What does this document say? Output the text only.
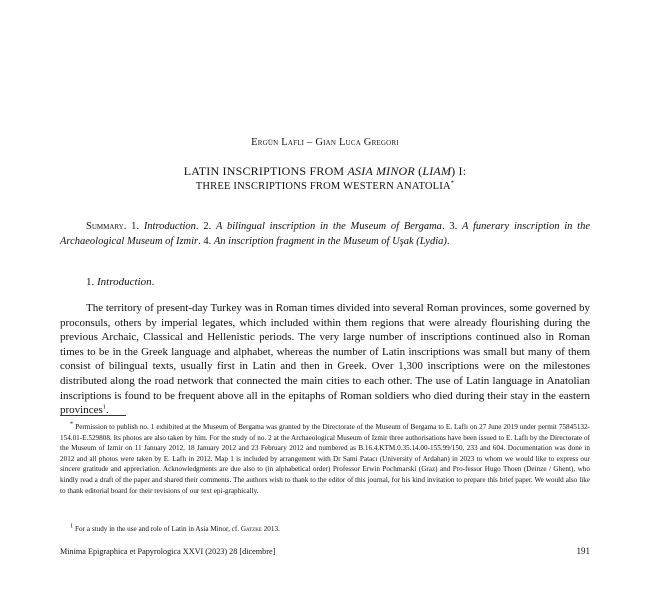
Ergün Laflı – Gian Luca Gregori
LATIN INSCRIPTIONS FROM ASIA MINOR (LIAM) I:
THREE INSCRIPTIONS FROM WESTERN ANATOLIA*
Summary. 1. Introduction. 2. A bilingual inscription in the Museum of Bergama. 3. A funerary inscription in the Archaeological Museum of Izmir. 4. An inscription fragment in the Museum of Uşak (Lydia).
1. Introduction.
The territory of present-day Turkey was in Roman times divided into several Roman provinces, some governed by proconsuls, others by imperial legates, which included within them regions that were already flourishing during the previous Archaic, Classical and Hellenistic periods. The very large number of inscriptions continued also in Roman times to be in the Greek language and alphabet, whereas the number of Latin inscriptions was small but many of them consist of bilingual texts, usually first in Latin and then in Greek. Over 1,300 inscriptions were on the milestones distributed along the road network that connected the main cities to each other. The use of Latin language in Anatolian inscriptions is found to be frequent above all in the epitaphs of Roman soldiers who died during their stay in the eastern provinces$^1$.
* Permission to publish no. 1 exhibited at the Museum of Bergama was granted by the Directorate of the Museum of Bergama to E. Laflı on 27 June 2019 under permit 75845132-154.01-E.529808. Its photos are also taken by him. For the study of no. 2 at the Archaeological Museum of Izmir three authorisations have been issued to E. Laflı by the Directorate of the Museum of Izmir on 11 January 2012, 18 January 2012 and 23 February 2012 and numbered as B.16.4.KTM.0.35.14.00-155.99/150, 233 and 604. Documentation was done in 2012 and all photos were taken by E. Laflı in 2012. Map 1 is included by arrangement with Dr Sami Patacı (University of Ardahan) in 2023 to whom we would like to express our sincere gratitude and appreciation. Acknowledgments are due also to (in alphabetical order) Professor Erwin Pochmarski (Graz) and Pro-fessor Hugo Thoen (Deinze / Ghent), who kindly read a draft of the paper and shared their comments. The authors wish to thank to the editor of this journal, for his kind invitation to prepare this brief paper. We would also like to thank editorial board for their revisions of our text epi-graphically.
1 For a study in the use and role of Latin in Asia Minor, cf. Gatzke 2013.
Minima Epigraphica et Papyrologica XXVI (2023) 28 [dicembre]	191
